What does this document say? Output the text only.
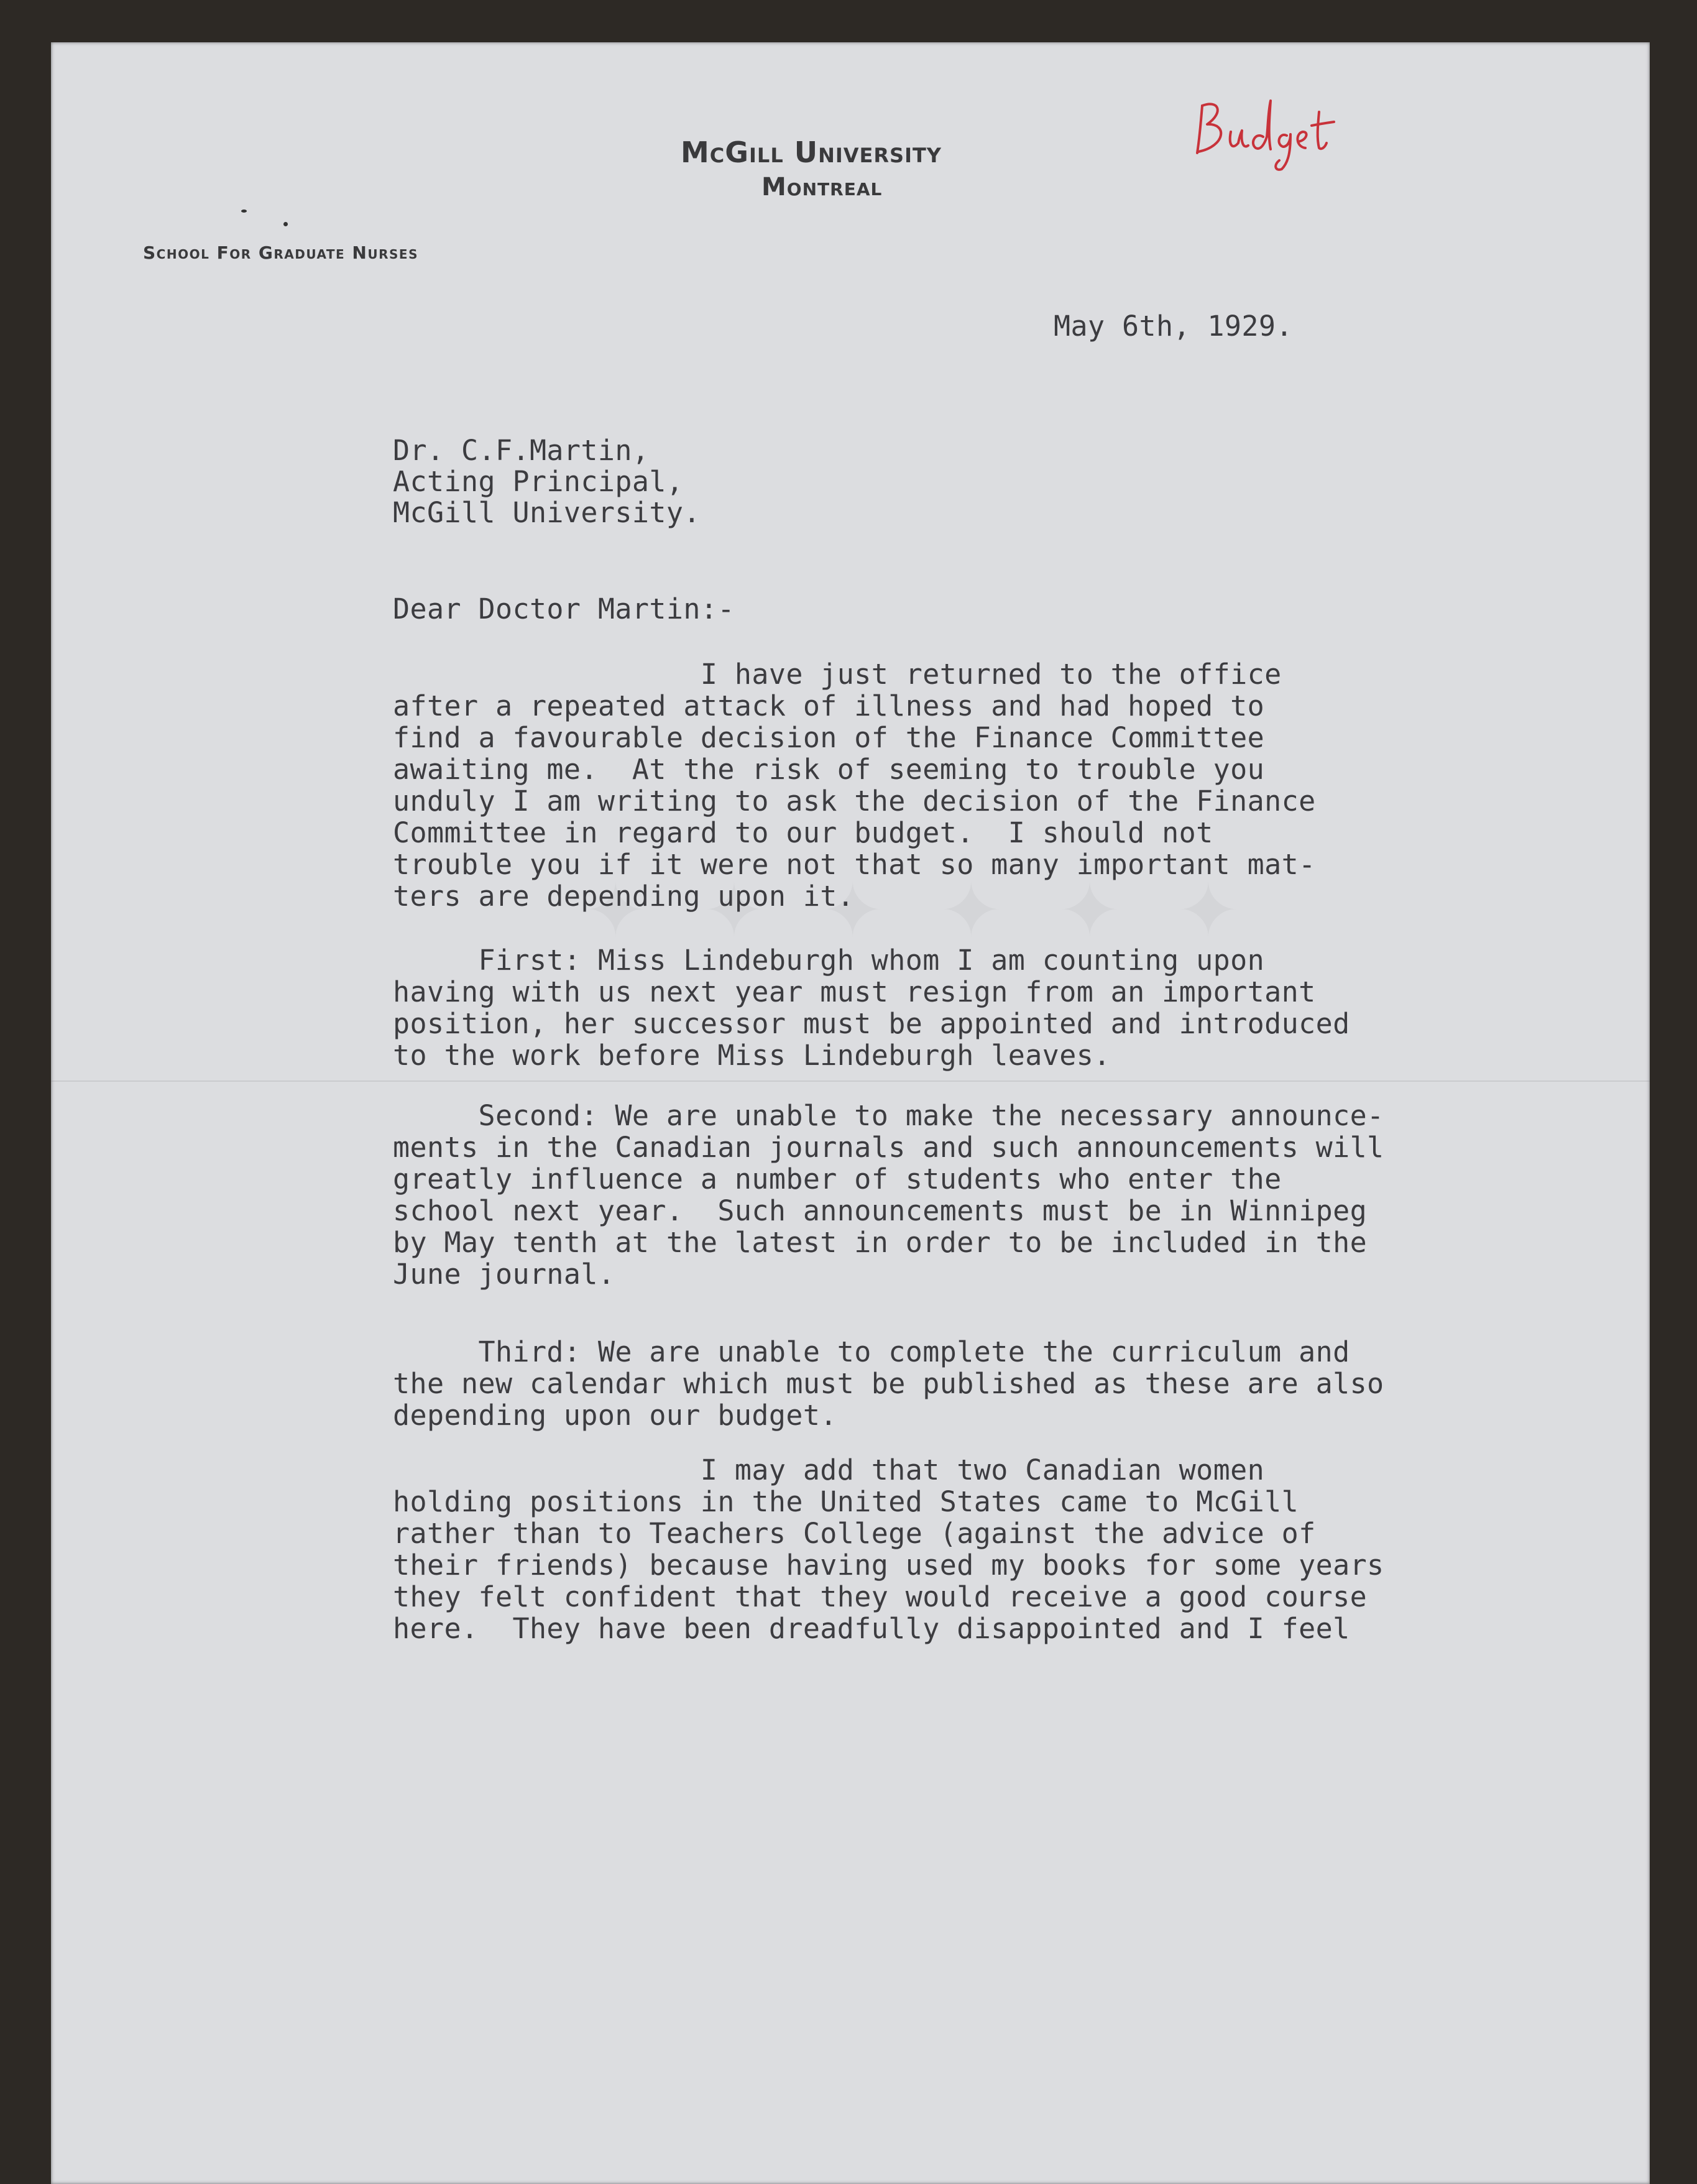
McGill University
Montreal
School For Graduate Nurses
May 6th, 1929.
Dr. C.F.Martin,
Acting Principal,
McGill University.
Dear Doctor Martin:-
I have just returned to the office
after a repeated attack of illness and had hoped to
find a favourable decision of the Finance Committee
awaiting me.  At the risk of seeming to trouble you
unduly I am writing to ask the decision of the Finance
Committee in regard to our budget.  I should not
trouble you if it were not that so many important mat-
ters are depending upon it.
First: Miss Lindeburgh whom I am counting upon
having with us next year must resign from an important
position, her successor must be appointed and introduced
to the work before Miss Lindeburgh leaves.
Second: We are unable to make the necessary announce-
ments in the Canadian journals and such announcements will
greatly influence a number of students who enter the
school next year.  Such announcements must be in Winnipeg
by May tenth at the latest in order to be included in the
June journal.
Third: We are unable to complete the curriculum and
the new calendar which must be published as these are also
depending upon our budget.
I may add that two Canadian women
holding positions in the United States came to McGill
rather than to Teachers College (against the advice of
their friends) because having used my books for some years
they felt confident that they would receive a good course
here.  They have been dreadfully disappointed and I feel
